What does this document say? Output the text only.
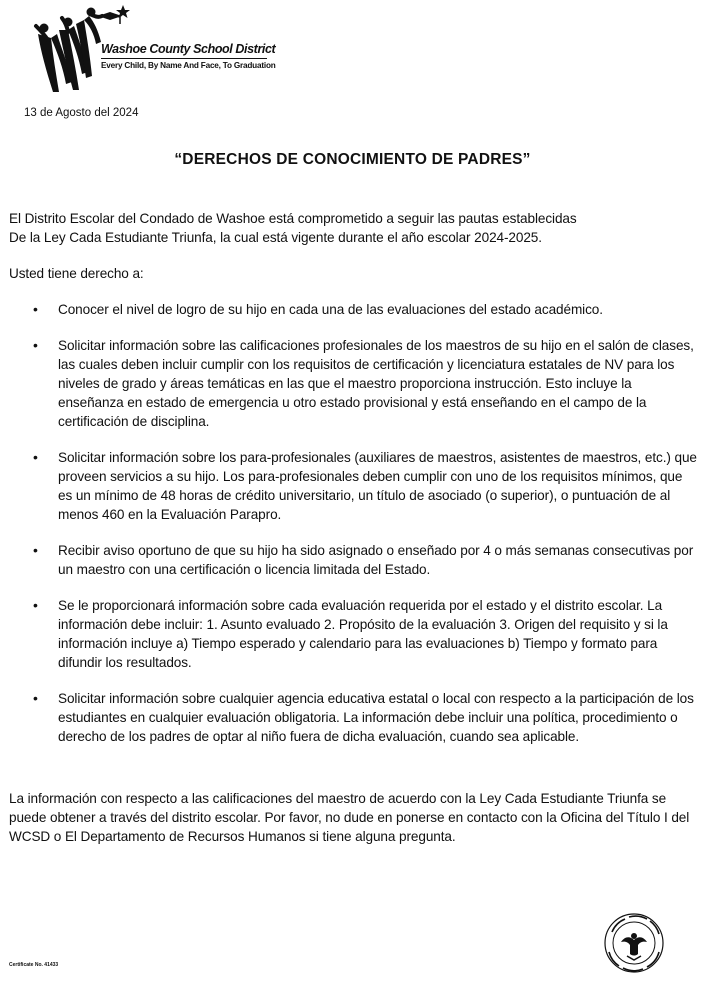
Washoe County School District
Every Child, By Name And Face, To Graduation
13 de Agosto del 2024
“DERECHOS DE CONOCIMIENTO DE PADRES”
El Distrito Escolar del Condado de Washoe está comprometido a seguir las pautas establecidas
De la Ley Cada Estudiante Triunfa, la cual está vigente durante el año escolar 2024-2025.
Usted tiene derecho a:
• Conocer el nivel de logro de su hijo en cada una de las evaluaciones del estado académico.
• Solicitar información sobre las calificaciones profesionales de los maestros de su hijo en el salón de clases, las cuales deben incluir cumplir con los requisitos de certificación y licenciatura estatales de NV para los niveles de grado y áreas temáticas en las que el maestro proporciona instrucción. Esto incluye la enseñanza en estado de emergencia u otro estado provisional y está enseñando en el campo de la certificación de disciplina.
• Solicitar información sobre los para-profesionales (auxiliares de maestros, asistentes de maestros, etc.) que proveen servicios a su hijo. Los para-profesionales deben cumplir con uno de los requisitos mínimos, que es un mínimo de 48 horas de crédito universitario, un título de asociado (o superior), o puntuación de al menos 460 en la Evaluación Parapro.
• Recibir aviso oportuno de que su hijo ha sido asignado o enseñado por 4 o más semanas consecutivas por un maestro con una certificación o licencia limitada del Estado.
• Se le proporcionará información sobre cada evaluación requerida por el estado y el distrito escolar. La información debe incluir: 1. Asunto evaluado 2. Propósito de la evaluación 3. Origen del requisito y si la información incluye a) Tiempo esperado y calendario para las evaluaciones b) Tiempo y formato para difundir los resultados.
• Solicitar información sobre cualquier agencia educativa estatal o local con respecto a la participación de los estudiantes en cualquier evaluación obligatoria. La información debe incluir una política, procedimiento o derecho de los padres de optar al niño fuera de dicha evaluación, cuando sea aplicable.
La información con respecto a las calificaciones del maestro de acuerdo con la Ley Cada Estudiante Triunfa se puede obtener a través del distrito escolar. Por favor, no dude en ponerse en contacto con la Oficina del Título I del WCSD o El Departamento de Recursos Humanos si tiene alguna pregunta.
Certificate No. 41433
